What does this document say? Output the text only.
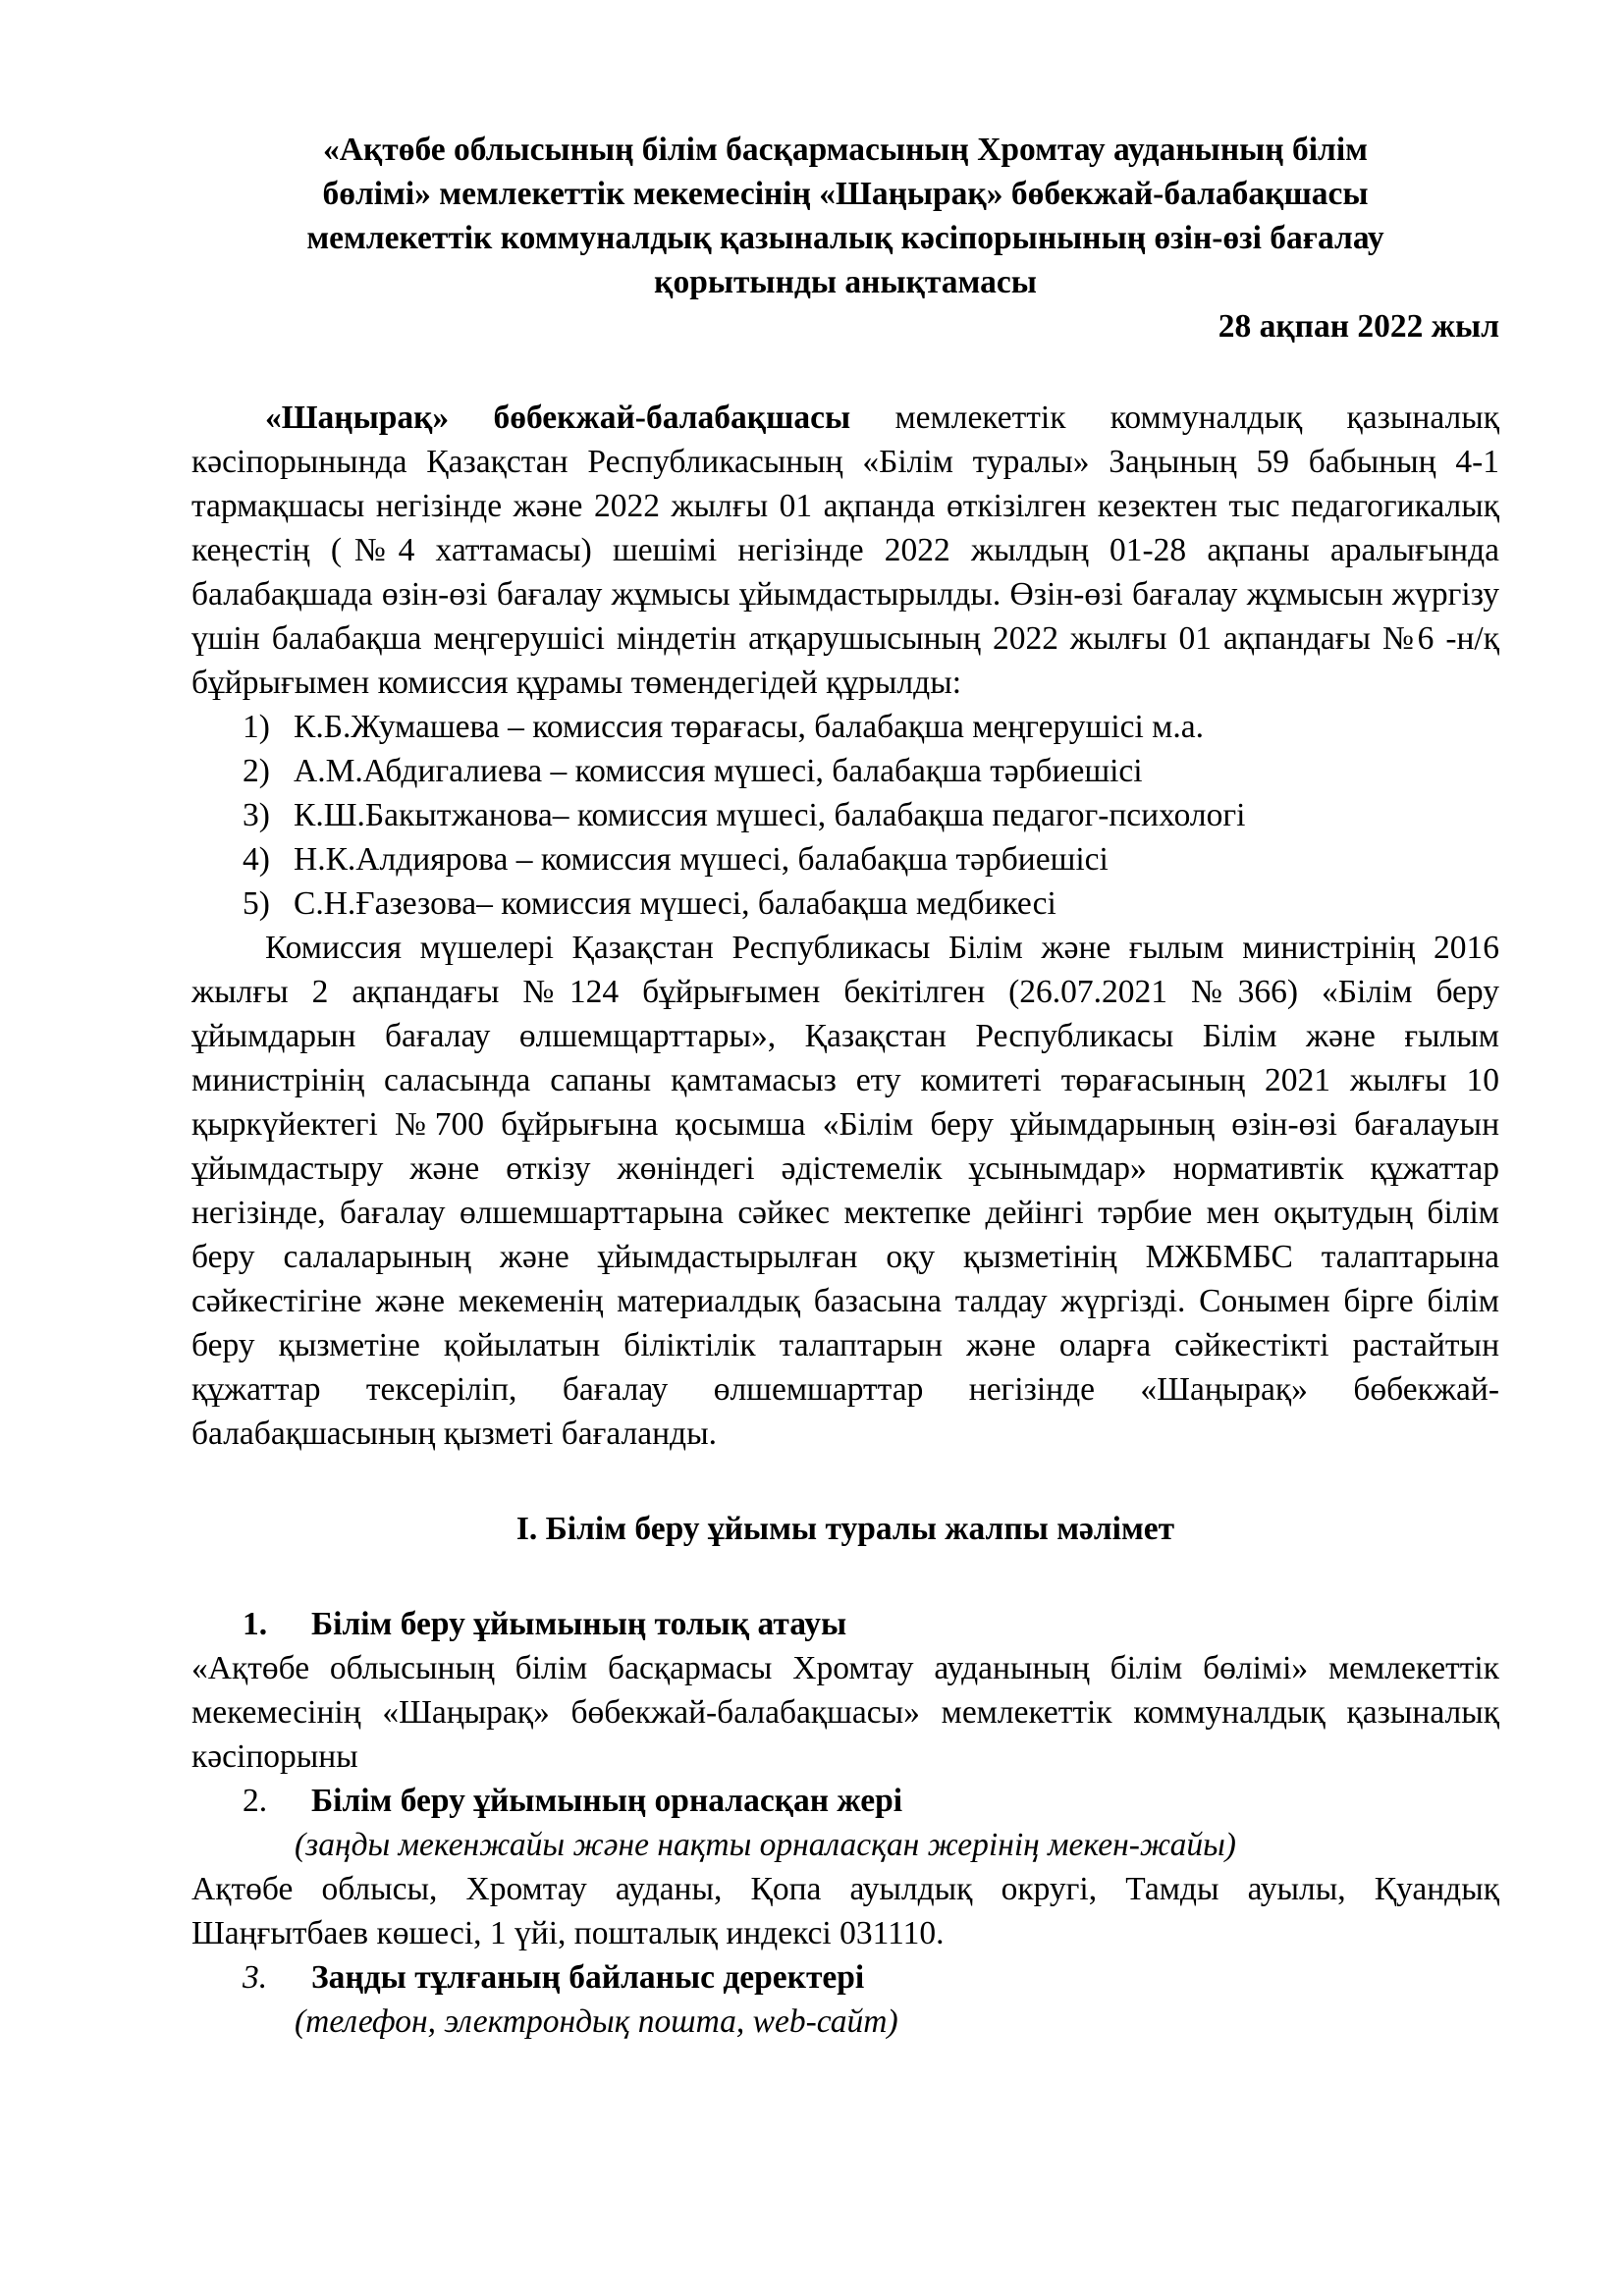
«Ақтөбе облысының білім басқармасының Хромтау ауданының білім

бөлімі» мемлекеттік мекемесінің «Шаңырақ» бөбекжай-балабақшасы

мемлекеттік коммуналдық қазыналық кәсіпорынының өзін-өзі бағалау

қорытынды анықтамасы

28 ақпан 2022 жыл

«Шаңырақ» бөбекжай-балабақшасы мемлекеттік коммуналдық қазыналық кәсіпорынында Қазақстан Республикасының «Білім туралы» Заңының 59 бабының 4-1 тармақшасы негізінде және 2022 жылғы 01 ақпанда өткізілген кезектен тыс педагогикалық кеңестің (№4 хаттамасы) шешімі негізінде 2022 жылдың 01-28 ақпаны аралығында балабақшада өзін-өзі бағалау жұмысы ұйымдастырылды. Өзін-өзі бағалау жұмысын жүргізу үшін балабақша меңгерушісі міндетін атқарушысының 2022 жылғы 01 ақпандағы №6 -н/қ бұйрығымен комиссия құрамы төмендегідей құрылды:

1) К.Б.Жумашева – комиссия төрағасы, балабақша меңгерушісі м.а.
2) А.М.Абдигалиева – комиссия мүшесі, балабақша тәрбиешісі
3) К.Ш.Бакытжанова– комиссия мүшесі, балабақша педагог-психологі
4) Н.К.Алдиярова – комиссия мүшесі, балабақша тәрбиешісі
5) С.Н.Ғазезова– комиссия мүшесі, балабақша медбикесі

Комиссия мүшелері Қазақстан Республикасы Білім және ғылым министрінің 2016 жылғы 2 ақпандағы №124 бұйрығымен бекітілген (26.07.2021 №366) «Білім беру ұйымдарын бағалау өлшемщарттары», Қазақстан Республикасы Білім және ғылым министрінің саласында сапаны қамтамасыз ету комитеті төрағасының 2021 жылғы 10 қыркүйектегі №700 бұйрығына қосымша «Білім беру ұйымдарының өзін-өзі бағалауын ұйымдастыру және өткізу жөніндегі әдістемелік ұсынымдар» нормативтік құжаттар негізінде, бағалау өлшемшарттарына сәйкес мектепке дейінгі тәрбие мен оқытудың білім беру салаларының және ұйымдастырылған оқу қызметінің МЖБМБС талаптарына сәйкестігіне және мекеменің материалдық базасына талдау жүргізді. Сонымен бірге білім беру қызметіне қойылатын біліктілік талаптарын және оларға сәйкестікті растайтын құжаттар тексеріліп, бағалау өлшемшарттар негізінде «Шаңырақ» бөбекжай-балабақшасының қызметі бағаланды.

I. Білім беру ұйымы туралы жалпы мәлімет

1. Білім беру ұйымының толық атауы

«Ақтөбе облысының білім басқармасы Хромтау ауданының білім бөлімі» мемлекеттік мекемесінің «Шаңырақ» бөбекжай-балабақшасы» мемлекеттік коммуналдық қазыналық кәсіпорыны

2. Білім беру ұйымының орналасқан жері

(заңды мекенжайы және нақты орналасқан жерінің мекен-жайы)

Ақтөбе облысы, Хромтау ауданы, Қопа ауылдық округі, Тамды ауылы, Қуандық Шаңғытбаев көшесі, 1 үйі, пошталық индексі 031110.

3. Заңды тұлғаның байланыс деректері

(телефон, электрондық пошта, web-сайт)
